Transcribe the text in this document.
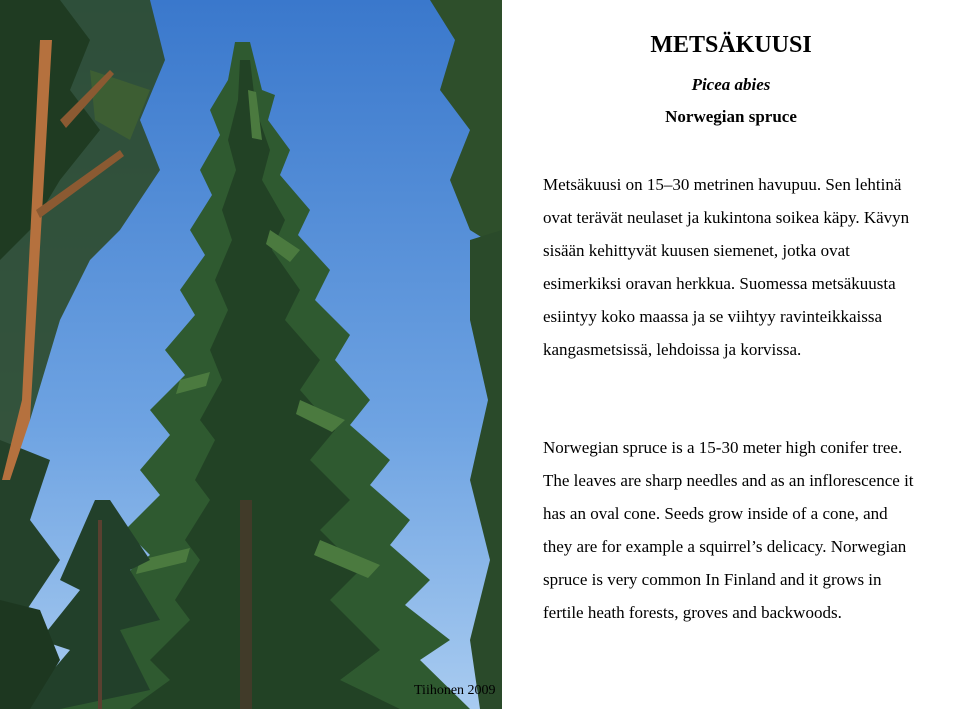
Tiihonen 2009
METSÄKUUSI
Picea abies
Norwegian spruce
Metsäkuusi on 15–30 metrinen havupuu. Sen lehtinä
ovat terävät neulaset ja kukintona soikea käpy. Kävyn
sisään kehittyvät kuusen siemenet, jotka ovat
esimerkiksi oravan herkkua. Suomessa metsäkuusta
esiintyy koko maassa ja se viihtyy ravinteikkaissa
kangasmetsissä, lehdoissa ja korvissa.
Norwegian spruce is a 15-30 meter high conifer tree.
The leaves are sharp needles and as an inflorescence it
has an oval cone. Seeds grow inside of a cone, and
they are for example a squirrel’s delicacy. Norwegian
spruce is very common In Finland and it grows in
fertile heath forests, groves and backwoods.
